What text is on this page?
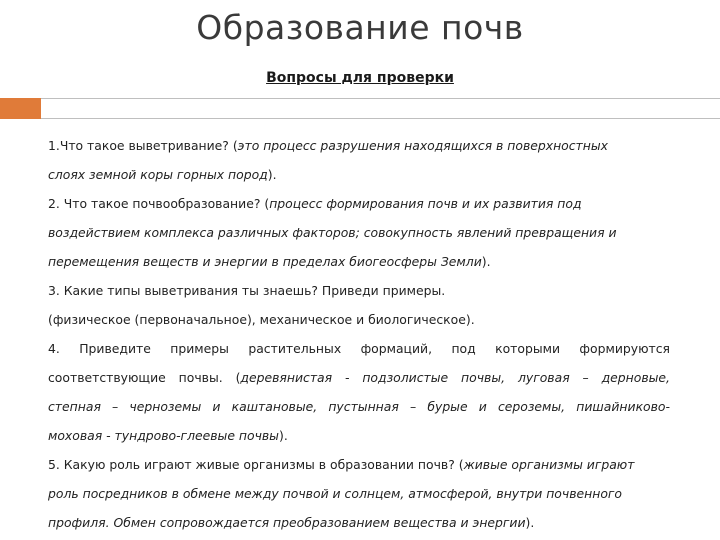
Образование почв
Вопросы для проверки
1.Что такое выветривание? (это процесс разрушения находящихся в поверхностных
слоях земной коры горных пород).
2. Что такое почвообразование? (процесс формирования почв и их развития под
воздействием комплекса различных факторов; совокупность явлений превращения и
перемещения веществ и энергии в пределах биогеосферы Земли).
3. Какие типы выветривания ты знаешь? Приведи примеры.
(физическое (первоначальное), механическое и биологическое).
4. Приведите примеры растительных формаций, под которыми формируются
соответствующие почвы. (деревянистая - подзолистые почвы, луговая – дерновые,
степная – черноземы и каштановые, пустынная – бурые и сероземы, пишайниково-
моховая - тундрово-глеевые почвы).
5. Какую роль играют живые организмы в образовании почв? (живые организмы играют
роль посредников в обмене между почвой и солнцем, атмосферой, внутри почвенного
профиля. Обмен сопровождается преобразованием вещества и энергии).
